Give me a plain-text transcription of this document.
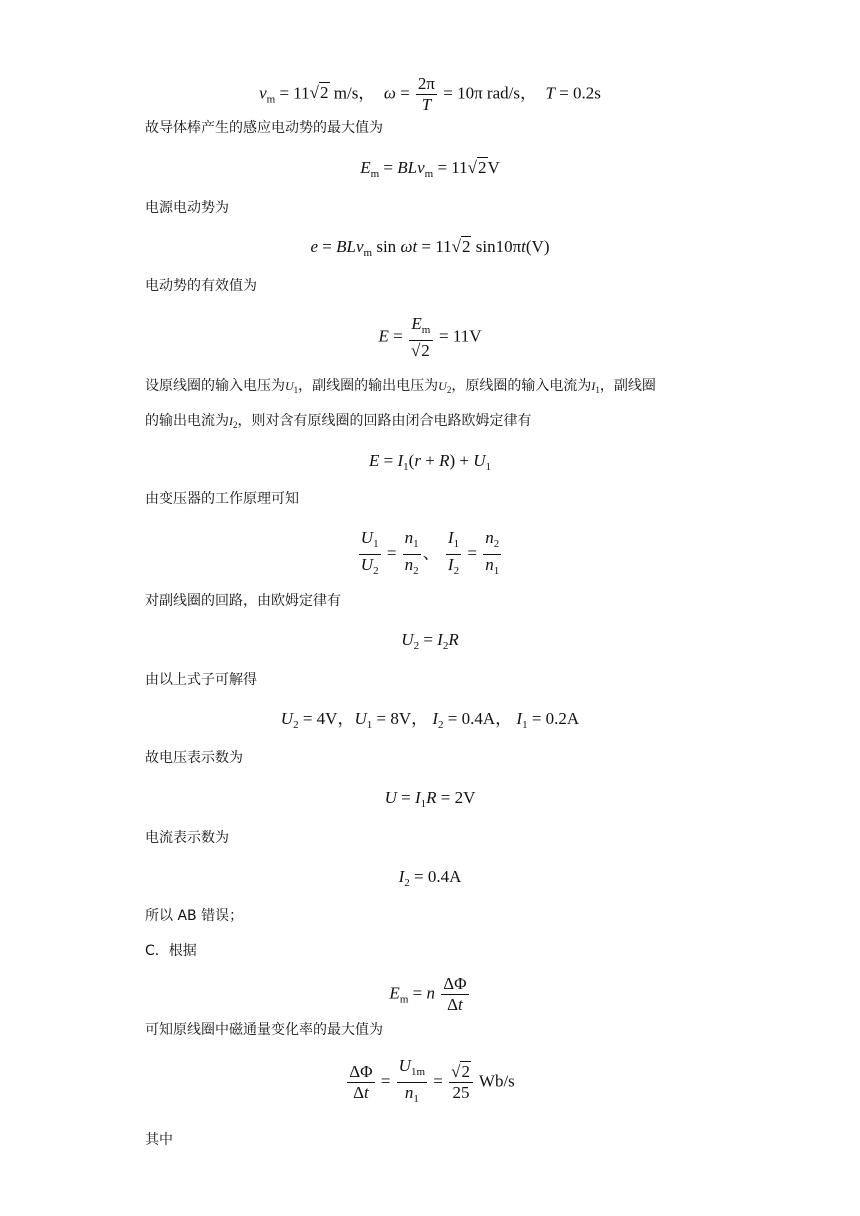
$v_m = 11√2$ m/s，  $\omega = \frac{2\pi}{T} = 10\pi$ rad/s，  T = 0.2s
故导体棒产生的感应电动势的最大值为
$E_m = BLv_m = 11√2V$
电源电动势为
e = BLv$_m$ sin ωt = 11√2 sin10πt(V)
电动势的有效值为
$E = \frac{E_m}{√2} = 11V$
设原线圈的输入电压为$U_1$，副线圈的输出电压为$U_2$，原线圈的输入电流为$I_1$，副线圈
的输出电流为$I_2$，则对含有原线圈的回路由闭合电路欧姆定律有
$E = I_1(r + R) + U_1$
由变压器的工作原理可知
$\frac{U_1}{U_2} = \frac{n_1}{n_2}$ 、 $\frac{I_1}{I_2} = \frac{n_2}{n_1}$
对副线圈的回路，由欧姆定律有
$U_2 = I_2R$
由以上式子可解得
$U_2 = 4V$，$U_1 = 8V$， $I_2 = 0.4A$， $I_1 = 0.2A$
故电压表示数为
$U = I_1R = 2V$
电流表示数为
$I_2 = 0.4A$
所以 AB 错误；
C．根据
$E_m = n \frac{\Delta\Phi}{\Delta t}$
可知原线圈中磁通量变化率的最大值为
$\frac{\Delta\Phi}{\Delta t} = \frac{U_{1m}}{n_1} = \frac{√2}{25} Wb/s$
其中
